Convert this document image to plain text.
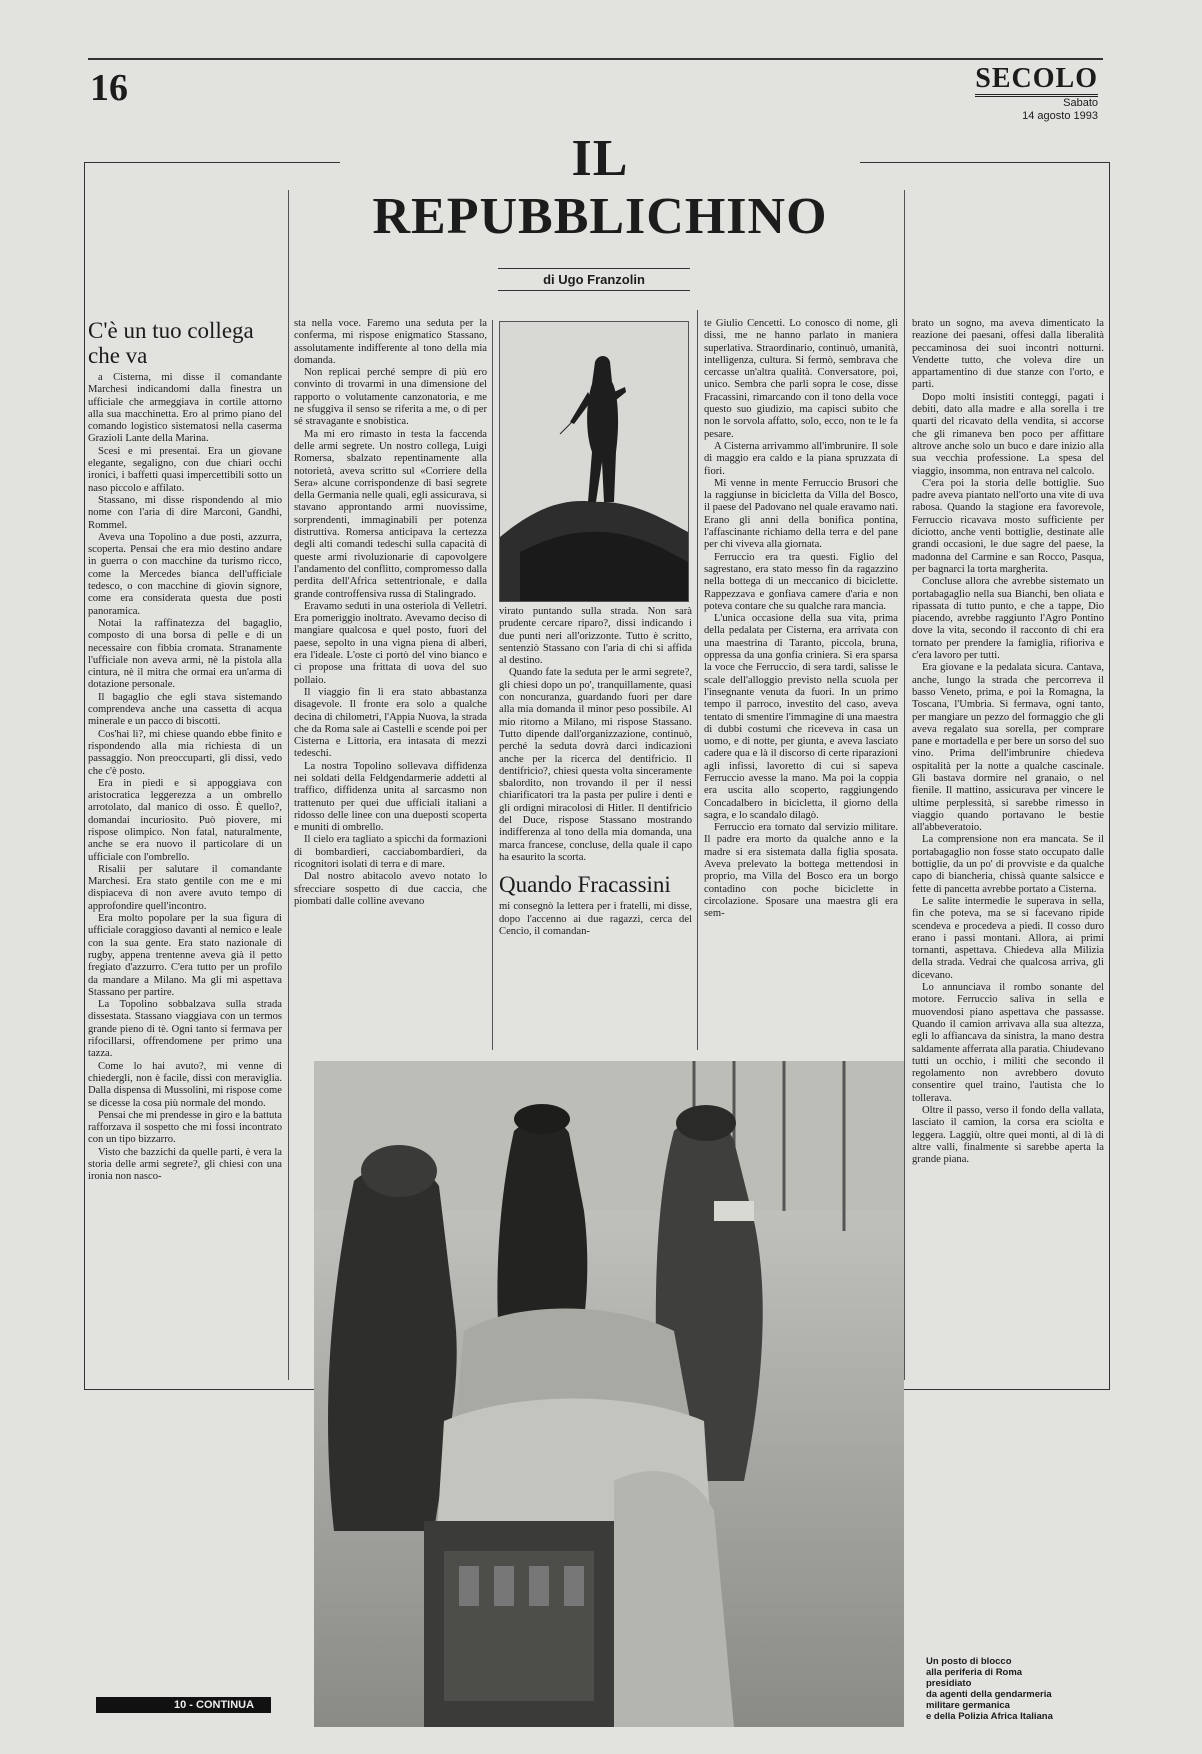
16	SECOLO
Sabato
14 agosto 1993
IL
REPUBBLICHINO
di Ugo Franzolin
C'è un tuo collega che va

a Cisterna, mi disse il comandante Marchesi indicandomi dalla finestra un ufficiale che armeggiava in cortile attorno alla sua macchinetta. Ero al primo piano del comando logistico sistematosi nella caserma Grazioli Lante della Marina.

Scesi e mi presentai. Era un giovane elegante, segaligno, con due chiari occhi ironici, i baffetti quasi impercettibili sotto un naso piccolo e affilato.

Stassano, mi disse rispondendo al mio nome con l'aria di dire Marconi, Gandhi, Rommel.

Aveva una Topolino a due posti, azzurra, scoperta. Pensai che era mio destino andare in guerra o con macchine da turismo ricco, come la Mercedes bianca dell'ufficiale tedesco, o con macchine di giovin signore, come era considerata questa due posti panoramica.

Notai la raffinatezza del bagaglio, composto di una borsa di pelle e di un necessaire con fibbia cromata. Stranamente l'ufficiale non aveva armi, nè la pistola alla cintura, nè il mitra che ormai era un'arma di dotazione personale.

Il bagaglio che egli stava sistemando comprendeva anche una cassetta di acqua minerale e un pacco di biscotti.

Cos'hai lì?, mi chiese quando ebbe finito e rispondendo alla mia richiesta di un passaggio. Non preoccuparti, gli dissi, vedo che c'è posto.

Era in piedi e si appoggiava con aristocratica leggerezza a un ombrello arrotolato, dal manico di osso. È quello?, domandai incuriosito. Può piovere, mi rispose olimpico. Non fatal, naturalmente, anche se era nuovo il particolare di un ufficiale con l'ombrello.

Risalii per salutare il comandante Marchesi. Era stato gentile con me e mi dispiaceva di non avere avuto tempo di approfondire quell'incontro.

Era molto popolare per la sua figura di ufficiale coraggioso davanti al nemico e leale con la sua gente. Era stato nazionale di rugby, appena trentenne aveva già il petto fregiato d'azzurro. C'era tutto per un profilo da mandare a Milano. Ma gli mi aspettava Stassano per partire.

La Topolino sobbalzava sulla strada dissestata. Stassano viaggiava con un termos grande pieno di tè. Ogni tanto si fermava per rifocillarsi, offrendomene per primo una tazza.

Come lo hai avuto?, mi venne di chiedergli, non è facile, dissi con meraviglia. Dalla dispensa di Mussolini, mi rispose come se dicesse la cosa più normale del mondo.

Pensai che mi prendesse in giro e la battuta rafforzava il sospetto che mi fossi incontrato con un tipo bizzarro.

Visto che bazzichi da quelle parti, è vera la storia delle armi segrete?, gli chiesi con una ironia non nasco-

sta nella voce. Faremo una seduta per la conferma, mi rispose enigmatico Stassano, assolutamente indifferente al tono della mia domanda.

Non replicai perché sempre di più ero convinto di trovarmi in una dimensione del rapporto o volutamente canzonatoria, e me ne sfuggiva il senso se riferita a me, o di per sé stravagante e snobistica.

Ma mi ero rimasto in testa la faccenda delle armi segrete. Un nostro collega, Luigi Romersa, sbalzato repentinamente alla notorietà, aveva scritto sul «Corriere della Sera» alcune corrispondenze di basi segrete della Germania nelle quali, egli assicurava, si stavano approntando armi nuovissime, sorprendenti, immaginabili per potenza distruttiva. Romersa anticipava la certezza degli alti comandi tedeschi sulla capacità di queste armi rivoluzionarie di capovolgere l'andamento del conflitto, compromesso dalla perdita dell'Africa settentrionale, e dalla grande controffensiva russa di Stalingrado.

Eravamo seduti in una osteriola di Velletri. Era pomeriggio inoltrato. Avevamo deciso di mangiare qualcosa e quel posto, fuori del paese, sepolto in una vigna piena di alberi, era l'ideale. L'oste ci portò del vino bianco e ci propose una frittata di uova del suo pollaio.

Il viaggio fin lì era stato abbastanza disagevole. Il fronte era solo a qualche decina di chilometri, l'Appia Nuova, la strada che da Roma sale ai Castelli e scende poi per Cisterna e Littoria, era intasata di mezzi tedeschi.

La nostra Topolino sollevava diffidenza nei soldati della Feldgendarmerie addetti al traffico, diffidenza unita al sarcasmo non trattenuto per quei due ufficiali italiani a ridosso delle linee con una dueposti scoperta e muniti di ombrello.

Il cielo era tagliato a spicchi da formazioni di bombardieri, cacciabombardieri, da ricognitori isolati di terra e di mare.

Dal nostro abitacolo avevo notato lo sfrecciare sospetto di due caccia, che piombati dalle colline avevano

virato puntando sulla strada. Non sarà prudente cercare riparo?, dissi indicando i due punti neri all'orizzonte. Tutto è scritto, sentenziò Stassano con l'aria di chi si affida al destino.

Quando fate la seduta per le armi segrete?, gli chiesi dopo un po', tranquillamente, quasi con noncuranza, guardando fuori per dare alla mia domanda il minor peso possibile. Al mio ritorno a Milano, mi rispose Stassano. Tutto dipende dall'organizzazione, continuò, perché la seduta dovrà darci indicazioni anche per la ricerca del dentifricio. Il dentifricio?, chiesi questa volta sinceramente sbalordito, non trovando il per il nessi chiarificatori tra la pasta per pulire i denti e gli ordigni miracolosi di Hitler. Il dentifricio del Duce, rispose Stassano mostrando indifferenza al tono della mia domanda, una marca francese, concluse, della quale il capo ha esaurito la scorta.

Quando Fracassini

mi consegnò la lettera per i fratelli, mi disse, dopo l'accenno ai due ragazzi, cerca del Cencio, il comandan-

te Giulio Cencetti. Lo conosco di nome, gli dissi, me ne hanno parlato in maniera superlativa. Straordinario, continuò, umanità, intelligenza, cultura. Si fermò, sembrava che cercasse un'altra qualità. Conversatore, poi, unico. Sembra che parli sopra le cose, disse Fracassini, rimarcando con il tono della voce questo suo giudizio, ma capisci subito che non le sorvola affatto, solo, ecco, non te le fa pesare.

A Cisterna arrivammo all'imbrunire. Il sole di maggio era caldo e la piana spruzzata di fiori.

Mi venne in mente Ferruccio Brusori che la raggiunse in bicicletta da Villa del Bosco, il paese del Padovano nel quale eravamo nati. Erano gli anni della bonifica pontina, l'affascinante richiamo della terra e del pane per chi viveva alla giornata.

Ferruccio era tra questi. Figlio del sagrestano, era stato messo fin da ragazzino nella bottega di un meccanico di biciclette. Rappezzava e gonfiava camere d'aria e non poteva contare che su qualche rara mancia.

L'unica occasione della sua vita, prima della pedalata per Cisterna, era arrivata con una maestrina di Taranto, piccola, bruna, oppressa da una gonfia criniera. Si era sparsa la voce che Ferruccio, di sera tardi, salisse le scale dell'alloggio previsto nella scuola per l'insegnante venuta da fuori. In un primo tempo il parroco, investito del caso, aveva tentato di smentire l'immagine di una maestra di dubbi costumi che riceveva in casa un uomo, e di notte, per giunta, e aveva lasciato cadere qua e là il discorso di certe riparazioni agli infissi, lavoretto di cui si sapeva Ferruccio avesse la mano. Ma poi la coppia era uscita allo scoperto, raggiungendo Concadalbero in bicicletta, il giorno della sagra, e lo scandalo dilagò.

Ferruccio era tornato dal servizio militare. Il padre era morto da qualche anno e la madre si era sistemata dalla figlia sposata. Aveva prelevato la bottega mettendosi in proprio, ma Villa del Bosco era un borgo contadino con poche biciclette in circolazione. Sposare una maestra gli era sem-

brato un sogno, ma aveva dimenticato la reazione dei paesani, offesi dalla liberalità peccaminosa dei suoi incontri notturni. Vendette tutto, che voleva dire un appartamentino di due stanze con l'orto, e partì.

Dopo molti insistiti conteggi, pagati i debiti, dato alla madre e alla sorella i tre quarti del ricavato della vendita, si accorse che gli rimaneva ben poco per affittare altrove anche solo un buco e dare inizio alla sua vecchia professione. La spesa del viaggio, insomma, non entrava nel calcolo.

C'era poi la storia delle bottiglie. Suo padre aveva piantato nell'orto una vite di uva rabosa. Quando la stagione era favorevole, Ferruccio ricavava mosto sufficiente per diciotto, anche venti bottiglie, destinate alle grandi occasioni, le due sagre del paese, la madonna del Carmine e san Rocco, Pasqua, per bagnarci la torta margherita.

Concluse allora che avrebbe sistemato un portabagaglio nella sua Bianchi, ben oliata e ripassata di tutto punto, e che a tappe, Dio piacendo, avrebbe raggiunto l'Agro Pontino dove la vita, secondo il racconto di chi era tornato per prendere la famiglia, rifioriva e c'era lavoro per tutti.

Era giovane e la pedalata sicura. Cantava, anche, lungo la strada che percorreva il basso Veneto, prima, e poi la Romagna, la Toscana, l'Umbria. Si fermava, ogni tanto, per mangiare un pezzo del formaggio che gli aveva regalato sua sorella, per comprare pane e mortadella e per bere un sorso del suo vino. Prima dell'imbrunire chiedeva ospitalità per la notte a qualche cascinale. Gli bastava dormire nel granaio, o nel fienile. Il mattino, assicurava per vincere le ultime perplessità, si sarebbe rimesso in viaggio quando portavano le bestie all'abbeveratoio.

La comprensione non era mancata. Se il portabagaglio non fosse stato occupato dalle bottiglie, da un po' di provviste e da qualche capo di biancheria, chissà quante salsicce e fette di pancetta avrebbe portato a Cisterna.

Le salite intermedie le superava in sella, fin che poteva, ma se si facevano ripide scendeva e procedeva a piedi. Il cosso duro erano i passi montani. Allora, ai primi tornanti, aspettava. Chiedeva alla Milizia della strada. Vedrai che qualcosa arriva, gli dicevano.

Lo annunciava il rombo sonante del motore. Ferruccio saliva in sella e muovendosi piano aspettava che passasse. Quando il camion arrivava alla sua altezza, egli lo affiancava da sinistra, la mano destra saldamente afferrata alla paratia. Chiudevano tutti un occhio, i militi che secondo il regolamento non avrebbero dovuto consentire quel traino, l'autista che lo tollerava.

Oltre il passo, verso il fondo della vallata, lasciato il camion, la corsa era sciolta e leggera. Laggiù, oltre quei monti, al di là di altre valli, finalmente si sarebbe aperta la grande piana.

Un posto di blocco
alla periferia di Roma
presidiato
da agenti della gendarmeria
militare germanica
e della Polizia Africa Italiana
10 - CONTINUA
